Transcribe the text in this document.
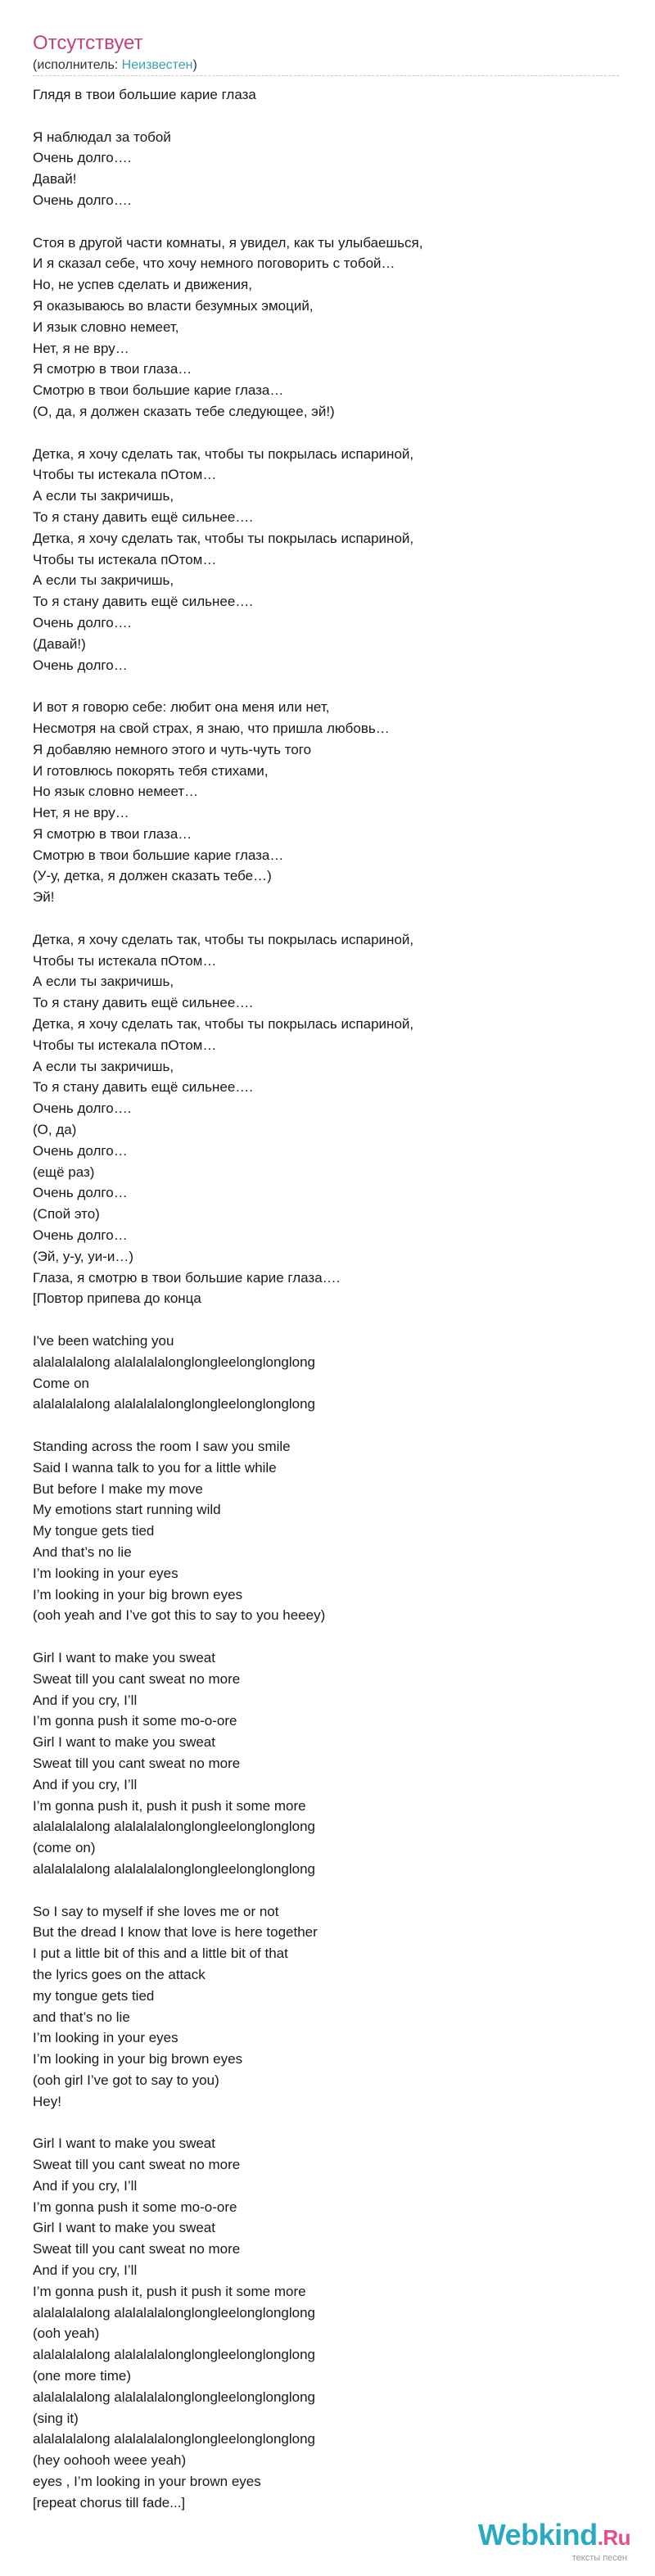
Отсутствует
(исполнитель: Неизвестен)
Глядя в твои большие карие глаза
Я наблюдал за тобой
Очень долго….
Давай!
Очень долго….
Стоя в другой части комнаты, я увидел, как ты улыбаешься,
И я сказал себе, что хочу немного поговорить с тобой…
Но, не успев сделать и движения,
Я оказываюсь во власти безумных эмоций,
И язык словно немеет,
Нет, я не вру…
Я смотрю в твои глаза…
Смотрю в твои большие карие глаза…
(О, да, я должен сказать тебе следующее, эй!)
Детка, я хочу сделать так, чтобы ты покрылась испариной,
Чтобы ты истекала пОтом…
А если ты закричишь,
То я стану давить ещё сильнее….
Детка, я хочу сделать так, чтобы ты покрылась испариной,
Чтобы ты истекала пОтом…
А если ты закричишь,
То я стану давить ещё сильнее….
Очень долго….
(Давай!)
Очень долго…
И вот я говорю себе: любит она меня или нет,
Несмотря на свой страх, я знаю, что пришла любовь…
Я добавляю немного этого и чуть-чуть того
И готовлюсь покорять тебя стихами,
Но язык словно немеет…
Нет, я не вру…
Я смотрю в твои глаза…
Смотрю в твои большие карие глаза…
(У-у, детка, я должен сказать тебе…)
Эй!
Детка, я хочу сделать так, чтобы ты покрылась испариной,
Чтобы ты истекала пОтом…
А если ты закричишь,
То я стану давить ещё сильнее….
Детка, я хочу сделать так, чтобы ты покрылась испариной,
Чтобы ты истекала пОтом…
А если ты закричишь,
То я стану давить ещё сильнее….
Очень долго….
(О, да)
Очень долго…
(ещё раз)
Очень долго…
(Спой это)
Очень долго…
(Эй, у-у, уи-и…)
Глаза, я смотрю в твои большие карие глаза….
[Повтор припева до конца
I've been watching you
alalalalalong alalalalalonglongleelonglonglong
Come on
alalalalalong alalalalalonglongleelonglonglong
Standing across the room I saw you smile
Said I wanna talk to you for a little while
But before I make my move
My emotions start running wild
My tongue gets tied
And that’s no lie
I’m looking in your eyes
I’m looking in your big brown eyes
(ooh yeah and I’ve got this to say to you heeey)
Girl I want to make you sweat
Sweat till you cant sweat no more
And if you cry, I’ll
I’m gonna push it some mo-o-ore
Girl I want to make you sweat
Sweat till you cant sweat no more
And if you cry, I’ll
I’m gonna push it, push it push it some more
alalalalalong alalalalalonglongleelonglonglong
(come on)
alalalalalong alalalalalonglongleelonglonglong
So I say to myself if she loves me or not
But the dread I know that love is here together
I put a little bit of this and a little bit of that
the lyrics goes on the attack
my tongue gets tied
and that’s no lie
I’m looking in your eyes
I’m looking in your big brown eyes
(ooh girl I’ve got to say to you)
Hey!
Girl I want to make you sweat
Sweat till you cant sweat no more
And if you cry, I’ll
I’m gonna push it some mo-o-ore
Girl I want to make you sweat
Sweat till you cant sweat no more
And if you cry, I’ll
I’m gonna push it, push it push it some more
alalalalalong alalalalalonglongleelonglonglong
(ooh yeah)
alalalalalong alalalalalonglongleelonglonglong
(one more time)
alalalalalong alalalalalonglongleelonglonglong
(sing it)
alalalalalong alalalalalonglongleelonglonglong
(hey oohooh weee yeah)
eyes , I’m looking in your brown eyes
[repeat chorus till fade...]
Webkind.Ru
тексты песен
